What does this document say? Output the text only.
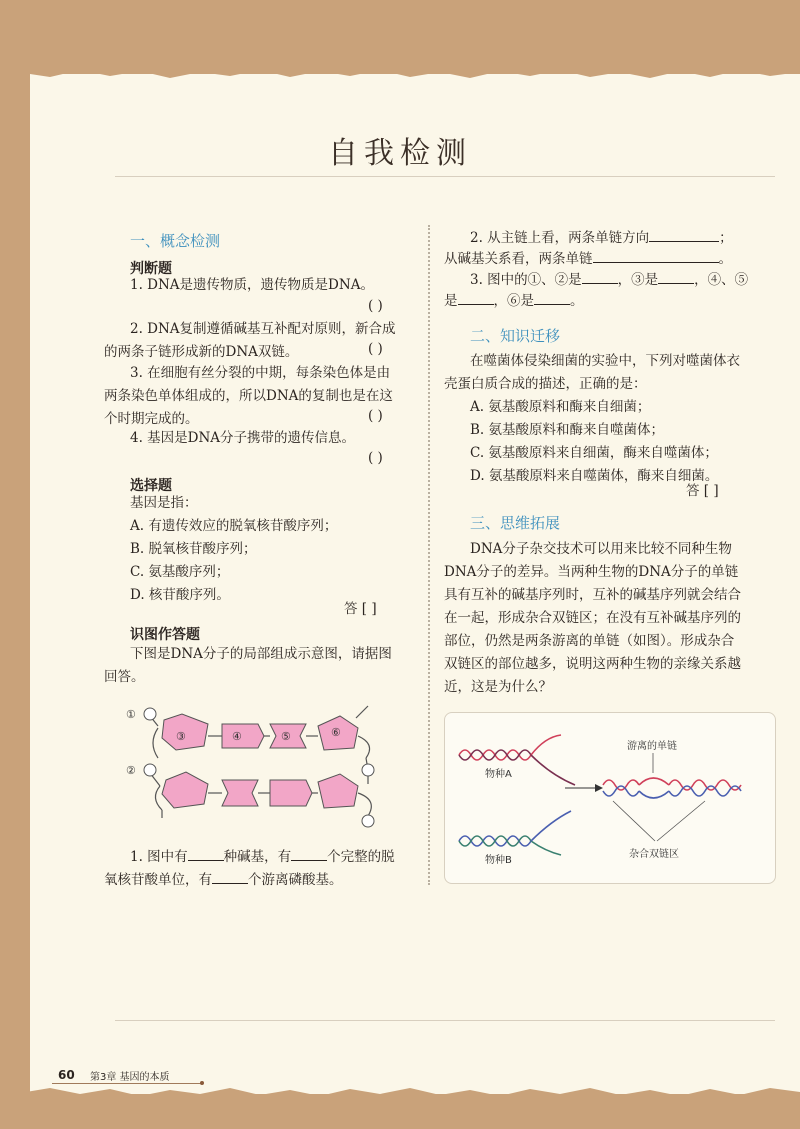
自我检测
一、概念检测
判断题
1. DNA是遗传物质，遗传物质是DNA。
( )
2. DNA复制遵循碱基互补配对原则，新合成
的两条子链形成新的DNA双链。	( )
3. 在细胞有丝分裂的中期，每条染色体是由
两条染色单体组成的，所以DNA的复制也是在这
个时期完成的。	( )
4. 基因是DNA分子携带的遗传信息。
( )
选择题
基因是指：
A. 有遗传效应的脱氧核苷酸序列；
B. 脱氧核苷酸序列；
C. 氨基酸序列；
D. 核苷酸序列。
答 [ ]
识图作答题
下图是DNA分子的局部组成示意图，请据图
回答。
①
②
③	④	⑤	⑥
1. 图中有	种碱基，有	个完整的脱
氧核苷酸单位，有	个游离磷酸基。
2. 从主链上看，两条单链方向	；
从碱基关系看，两条单链	。
3. 图中的①、②是	，③是	，④、⑤
是	，⑥是	。
二、知识迁移
在噬菌体侵染细菌的实验中，下列对噬菌体衣
壳蛋白质合成的描述，正确的是：
A. 氨基酸原料和酶来自细菌；
B. 氨基酸原料和酶来自噬菌体；
C. 氨基酸原料来自细菌，酶来自噬菌体；
D. 氨基酸原料来自噬菌体，酶来自细菌。
答 [ ]
三、思维拓展
DNA分子杂交技术可以用来比较不同种生物
DNA分子的差异。当两种生物的DNA分子的单链
具有互补的碱基序列时，互补的碱基序列就会结合
在一起，形成杂合双链区；在没有互补碱基序列的
部位，仍然是两条游离的单链（如图）。形成杂合
双链区的部位越多，说明这两种生物的亲缘关系越
近，这是为什么？
物种A
物种B
游离的单链
杂合双链区
60 第3章 基因的本质
